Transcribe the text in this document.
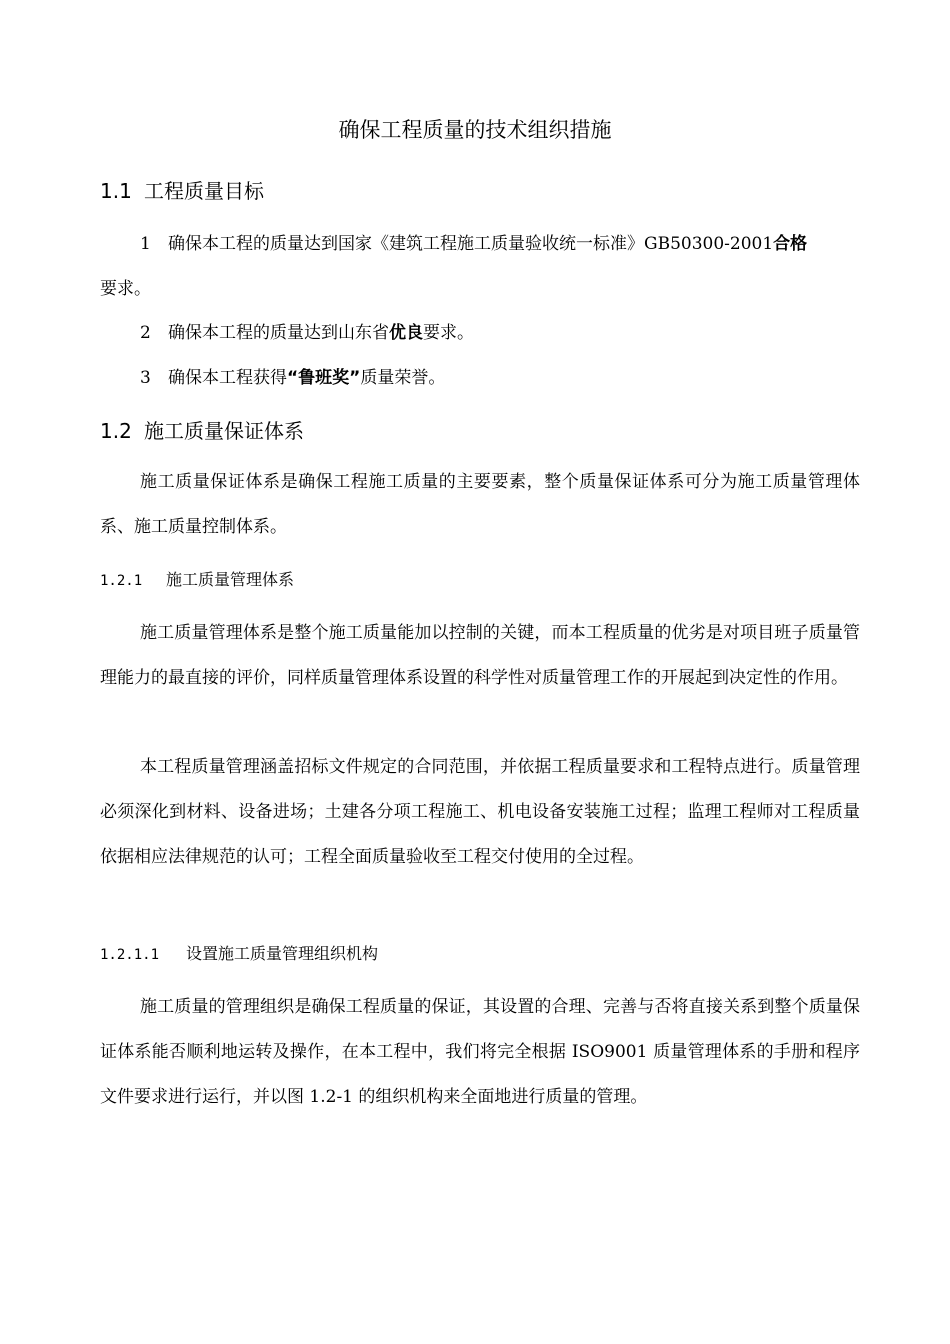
确保工程质量的技术组织措施
1.1 工程质量目标
1 确保本工程的质量达到国家《建筑工程施工质量验收统一标准》GB50300-2001合格
要求。
2 确保本工程的质量达到山东省优良要求。
3 确保本工程获得“鲁班奖”质量荣誉。
1.2 施工质量保证体系
施工质量保证体系是确保工程施工质量的主要要素，整个质量保证体系可分为施工质量管理体系、施工质量控制体系。
1.2.1 施工质量管理体系
施工质量管理体系是整个施工质量能加以控制的关键，而本工程质量的优劣是对项目班子质量管理能力的最直接的评价，同样质量管理体系设置的科学性对质量管理工作的开展起到决定性的作用。
本工程质量管理涵盖招标文件规定的合同范围，并依据工程质量要求和工程特点进行。质量管理必须深化到材料、设备进场；土建各分项工程施工、机电设备安装施工过程；监理工程师对工程质量依据相应法律规范的认可；工程全面质量验收至工程交付使用的全过程。
1.2.1.1 设置施工质量管理组织机构
施工质量的管理组织是确保工程质量的保证，其设置的合理、完善与否将直接关系到整个质量保证体系能否顺利地运转及操作，在本工程中，我们将完全根据 ISO9001 质量管理体系的手册和程序文件要求进行运行，并以图 1.2-1 的组织机构来全面地进行质量的管理。
